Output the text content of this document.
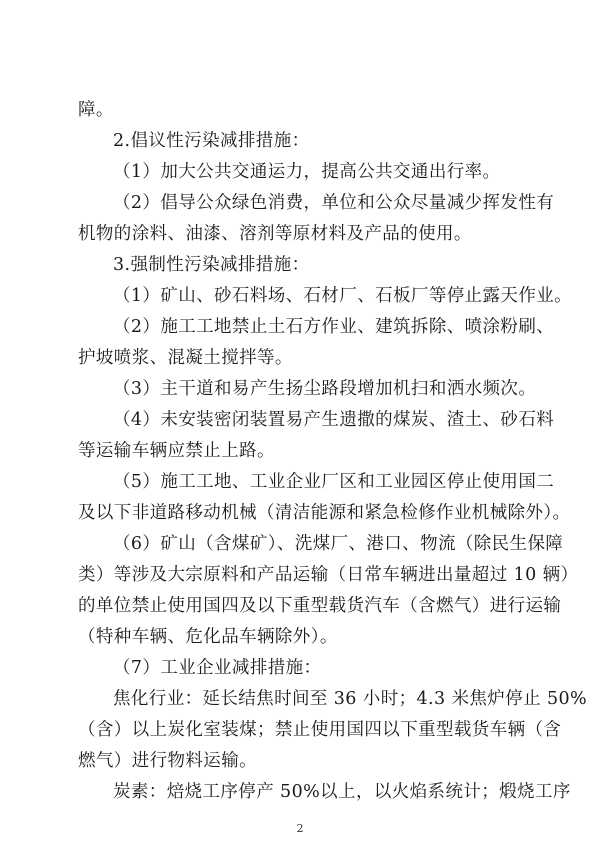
障。
2.倡议性污染减排措施：
（1）加大公共交通运力，提高公共交通出行率。
（2）倡导公众绿色消费，单位和公众尽量减少挥发性有
机物的涂料、油漆、溶剂等原材料及产品的使用。
3.强制性污染减排措施：
（1）矿山、砂石料场、石材厂、石板厂等停止露天作业。
（2）施工工地禁止土石方作业、建筑拆除、喷涂粉刷、
护坡喷浆、混凝土搅拌等。
（3）主干道和易产生扬尘路段增加机扫和洒水频次。
（4）未安装密闭装置易产生遗撒的煤炭、渣土、砂石料
等运输车辆应禁止上路。
（5）施工工地、工业企业厂区和工业园区停止使用国二
及以下非道路移动机械（清洁能源和紧急检修作业机械除外）。
（6）矿山（含煤矿）、洗煤厂、港口、物流（除民生保障
类）等涉及大宗原料和产品运输（日常车辆进出量超过 10 辆）
的单位禁止使用国四及以下重型载货汽车（含燃气）进行运输
（特种车辆、危化品车辆除外）。
（7）工业企业减排措施：
焦化行业：延长结焦时间至 36 小时；4.3 米焦炉停止 50%
（含）以上炭化室装煤；禁止使用国四以下重型载货车辆（含
燃气）进行物料运输。
炭素：焙烧工序停产 50%以上，以火焰系统计；煅烧工序
2
